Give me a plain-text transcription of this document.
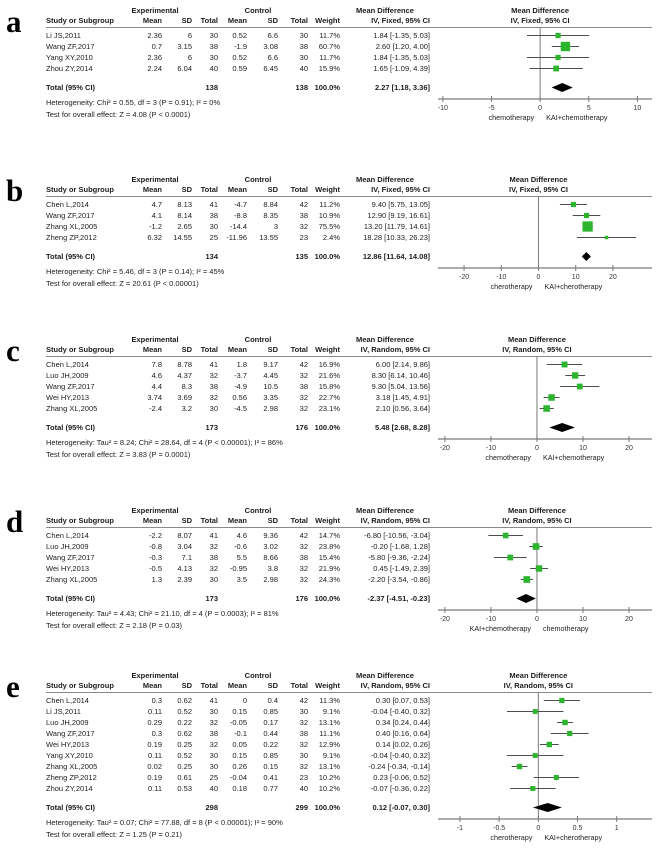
a	Experimental	Control	Mean Difference	Mean Difference
IV, Fixed, 95% CI
Study or Subgroup	Mean	SD	Total	Mean	SD	Total Weight	IV, Fixed, 95% CI
Li JS,2011	2.36	6	30	0.52	6.6	30	11.7%	1.84 [-1.35, 5.03]
Wang ZF,2017	0.7	3.15	38	-1.9	3.08	38	60.7%	2.60 [1.20, 4.00]
Yang XY,2010	2.36	6	30	0.52	6.6	30	11.7%	1.84 [-1.35, 5.03]
Zhou ZY,2014	2.24	6.04	40	0.59	6.45	40	15.9%	1.65 [-1.09, 4.39]
Total (95% CI)	138	138 100.0%	2.27 [1.18, 3.36]
Heterogeneity: Chi² = 0.55, df = 3 (P = 0.91); I² = 0%
Test for overall effect: Z = 4.08 (P < 0.0001)
-10	-5	0	5	10
chemotherapy KAI+chemotherapy
b	Experimental	Control	Mean Difference	Mean Difference
IV, Fixed, 95% CI
Study or Subgroup	Mean	SD	Total	Mean	SD	Total Weight	IV, Fixed, 95% CI
Chen L,2014	4.7	8.13	41	-4.7	8.84	42	11.2%	9.40 [5.75, 13.05]
Wang ZF,2017	4.1	8.14	38	-8.8	8.35	38	10.9%	12.90 [9.19, 16.61]
Zhang XL,2005	-1.2	2.65	30	-14.4	3	32	75.5%	13.20 [11.79, 14.61]
Zheng ZP,2012	6.32	14.55	25	-11.96	13.55	23	2.4%	18.28 [10.33, 26.23]
Total (95% CI)	134	135 100.0%	12.86 [11.64, 14.08]
Heterogeneity: Chi² = 5.46, df = 3 (P = 0.14); I² = 45%
Test for overall effect: Z = 20.61 (P < 0.00001)
-20	-10	0	10	20
cherotherapy KAI+cherotherapy
c	Experimental	Control	Mean Difference	Mean Difference
IV, Random, 95% CI
Study or Subgroup	Mean	SD	Total	Mean	SD	Total Weight	IV, Random, 95% CI
Chen L,2014	7.8	8.78	41	1.8	9.17	42	16.9%	6.00 [2.14, 9.86]
Luo JH,2009	4.6	4.37	32	-3.7	4.45	32	21.6%	8.30 [6.14, 10.46]
Wang ZF,2017	4.4	8.3	38	-4.9	10.5	38	15.8%	9.30 [5.04, 13.56]
Wei HY,2013	3.74	3.69	32	0.56	3.35	32	22.7%	3.18 [1.45, 4.91]
Zhang XL,2005	-2.4	3.2	30	-4.5	2.98	32	23.1%	2.10 [0.56, 3.64]
Total (95% CI)	173	176 100.0%	5.48 [2.68, 8.28]
Heterogeneity: Tau² = 8.24; Chi² = 28.64, df = 4 (P < 0.00001); I² = 86%
Test for overall effect: Z = 3.83 (P = 0.0001)
-20	-10	0	10	20
chemotherapy KAI+chemotherapy
d	Experimental	Control	Mean Difference	Mean Difference
IV, Random, 95% CI
Study or Subgroup	Mean	SD	Total	Mean	SD	Total Weight	IV, Random, 95% CI
Chen L,2014	-2.2	8.07	41	4.6	9.36	42	14.7%	-6.80 [-10.56, -3.04]
Luo JH,2009	-0.8	3.04	32	-0.6	3.02	32	23.8%	-0.20 [-1.68, 1.28]
Wang ZF,2017	-0.3	7.1	38	5.5	8.66	38	15.4%	-5.80 [-9.36, -2.24]
Wei HY,2013	-0.5	4.13	32	-0.95	3.8	32	21.9%	0.45 [-1.49, 2.39]
Zhang XL,2005	1.3	2.39	30	3.5	2.98	32	24.3%	-2.20 [-3.54, -0.86]
Total (95% CI)	173	176 100.0%	-2.37 [-4.51, -0.23]
Heterogeneity: Tau² = 4.43; Chi² = 21.10, df = 4 (P = 0.0003); I² = 81%
Test for overall effect: Z = 2.18 (P = 0.03)
-20	-10	0	10	20
KAI+chemotherapy chemotherapy
e	Experimental	Control	Mean Difference	Mean Difference
IV, Random, 95% CI
Study or Subgroup	Mean	SD	Total	Mean	SD	Total Weight	IV, Random, 95% CI
Chen L,2014	0.3	0.62	41	0	0.4	42	11.3%	0.30 [0.07, 0.53]
Li JS,2011	0.11	0.52	30	0.15	0.85	30	9.1%	-0.04 [-0.40, 0.32]
Luo JH,2009	0.29	0.22	32	-0.05	0.17	32	13.1%	0.34 [0.24, 0.44]
Wang ZF,2017	0.3	0.62	38	-0.1	0.44	38	11.1%	0.40 [0.16, 0.64]
Wei HY,2013	0.19	0.25	32	0.05	0.22	32	12.9%	0.14 [0.02, 0.26]
Yang XY,2010	0.11	0.52	30	0.15	0.85	30	9.1%	-0.04 [-0.40, 0.32]
Zhang XL,2005	0.02	0.25	30	0.26	0.15	32	13.1%	-0.24 [-0.34, -0.14]
Zheng ZP,2012	0.19	0.61	25	-0.04	0.41	23	10.2%	0.23 [-0.06, 0.52]
Zhou ZY,2014	0.11	0.53	40	0.18	0.77	40	10.2%	-0.07 [-0.36, 0.22]
Total (95% CI)	298	299 100.0%	0.12 [-0.07, 0.30]
Heterogeneity: Tau² = 0.07; Chi² = 77.88, df = 8 (P < 0.00001); I² = 90%
Test for overall effect: Z = 1.25 (P = 0.21)
-1	-0.5	0	0.5	1
cherotherapy KAI+cherotherapy
